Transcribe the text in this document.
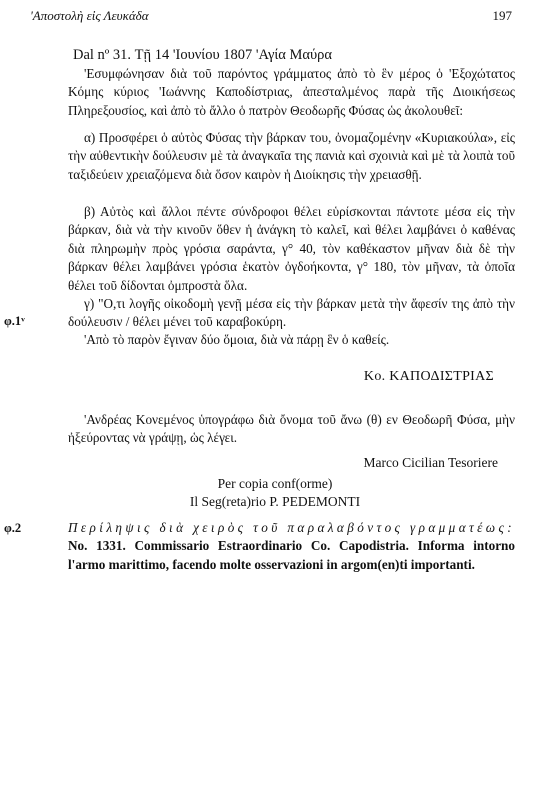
'Αποστολὴ εἰς Λευκάδα	197
Dal nº 31. Τῇ 14 'Ιουνίου 1807 'Αγία Μαύρα
'Εσυμφώνησαν διὰ τοῦ παρόντος γράμματος ἀπὸ τὸ ἓν μέρος ὁ 'Εξοχώτατος Κόμης κύριος 'Ιωάννης Καποδίστριας, ἀπεσταλμένος παρὰ τῆς Διοικήσεως Πληρεξουσίος, καὶ ἀπὸ τὸ ἄλλο ὁ πατρὸν Θεοδωρῆς Φύσας ὡς ἀκολουθεῖ:
α) Προσφέρει ὁ αὐτὸς Φύσας τὴν βάρκαν του, ὀνομαζομένην «Κυριακούλα», εἰς τὴν αὐθεντικὴν δούλευσιν μὲ τὰ ἀναγκαῖα της πανιὰ καὶ σχοινιὰ καὶ μὲ τὰ λοιπὰ τοῦ ταξιδεύειν χρειαζόμενα διὰ ὅσον καιρὸν ἡ Διοίκησις τὴν χρειασθῇ.
β) Αὐτὸς καὶ ἄλλοι πέντε σύνδροφοι θέλει εὑρίσκονται πάντοτε μέσα εἰς τὴν βάρκαν, διὰ νὰ τὴν κινοῦν ὅθεν ἡ ἀνάγκη τὸ καλεῖ, καὶ θέλει λαμβάνει ὁ καθένας διὰ πληρωμὴν πρὸς γρόσια σαράντα, γ° 40, τὸν καθέκαστον μῆναν διὰ δὲ τὴν βάρκαν θέλει λαμβάνει γρόσια ἑκατὸν ὀγδοήκοντα, γ° 180, τὸν μῆναν, τὰ ὁποῖα θέλει τοῦ δίδονται ὀμπροστὰ ὅλα.
γ) "Ο,τι λογῆς οἰκοδομὴ γενῇ μέσα εἰς τὴν βάρκαν μετὰ τὴν ἄφεσίν της ἀπὸ τὴν δούλευσιν / θέλει μένει τοῦ καραβοκύρη.
'Απὸ τὸ παρὸν ἔγιναν δύο ὅμοια, διὰ νὰ πάρῃ ἓν ὁ καθείς.
φ.1ᵛ
Κο. ΚΑΠΟΔΙΣΤΡΙΑΣ
'Ανδρέας Κονεμένος ὑπογράφω διὰ ὄνομα τοῦ ἄνω (θ) εν Θεοδωρῆ Φύσα, μὴν ἠξεύροντας νὰ γράψῃ, ὡς λέγει.
Marco Cicilian Tesoriere
Per copia conf(orme)
Il Seg(reta)rio P. PEDEMONTI
φ.2	Περίληψις διὰ χειρὸς τοῦ παραλαβόντος γραμματέως: No. 1331. Commissario Estraordinario Co. Capodistria. Informa intorno l'armo marittimo, facendo molte osservazioni in argom(en)ti importanti.
